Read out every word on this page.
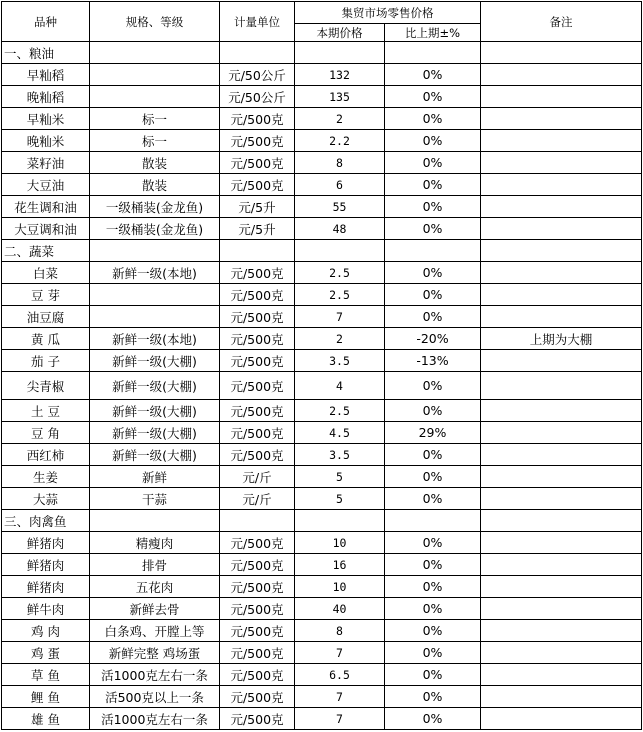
品种	规格、等级	计量单位	集贸市场零售价格		备注
			本期价格	比上期±%	
一、粮油					
早籼稻		元/50公斤	132	0%	
晚籼稻		元/50公斤	135	0%	
早籼米	标一	元/500克	2	0%	
晚籼米	标一	元/500克	2.2	0%	
菜籽油	散装	元/500克	8	0%	
大豆油	散装	元/500克	6	0%	
花生调和油	一级桶装(金龙鱼)	元/5升	55	0%	
大豆调和油	一级桶装(金龙鱼)	元/5升	48	0%	
二、蔬菜					
白菜	新鲜一级(本地)	元/500克	2.5	0%	
豆 芽		元/500克	2.5	0%	
油豆腐		元/500克	7	0%	
黄 瓜	新鲜一级(本地)	元/500克	2	-20%	上期为大棚
茄 子	新鲜一级(大棚)	元/500克	3.5	-13%	
尖青椒	新鲜一级(大棚)	元/500克	4	0%	
土 豆	新鲜一级(大棚)	元/500克	2.5	0%	
豆 角	新鲜一级(大棚)	元/500克	4.5	29%	
西红柿	新鲜一级(大棚)	元/500克	3.5	0%	
生姜	新鲜	元/斤	5	0%	
大蒜	干蒜	元/斤	5	0%	
三、肉禽鱼					
鲜猪肉	精瘦肉	元/500克	10	0%	
鲜猪肉	排骨	元/500克	16	0%	
鲜猪肉	五花肉	元/500克	10	0%	
鲜牛肉	新鲜去骨	元/500克	40	0%	
鸡 肉	白条鸡、开膛上等	元/500克	8	0%	
鸡 蛋	新鲜完整 鸡场蛋	元/500克	7	0%	
草 鱼	活1000克左右一条	元/500克	6.5	0%	
鲤 鱼	活500克以上一条	元/500克	7	0%	
雄 鱼	活1000克左右一条	元/500克	7	0%	
